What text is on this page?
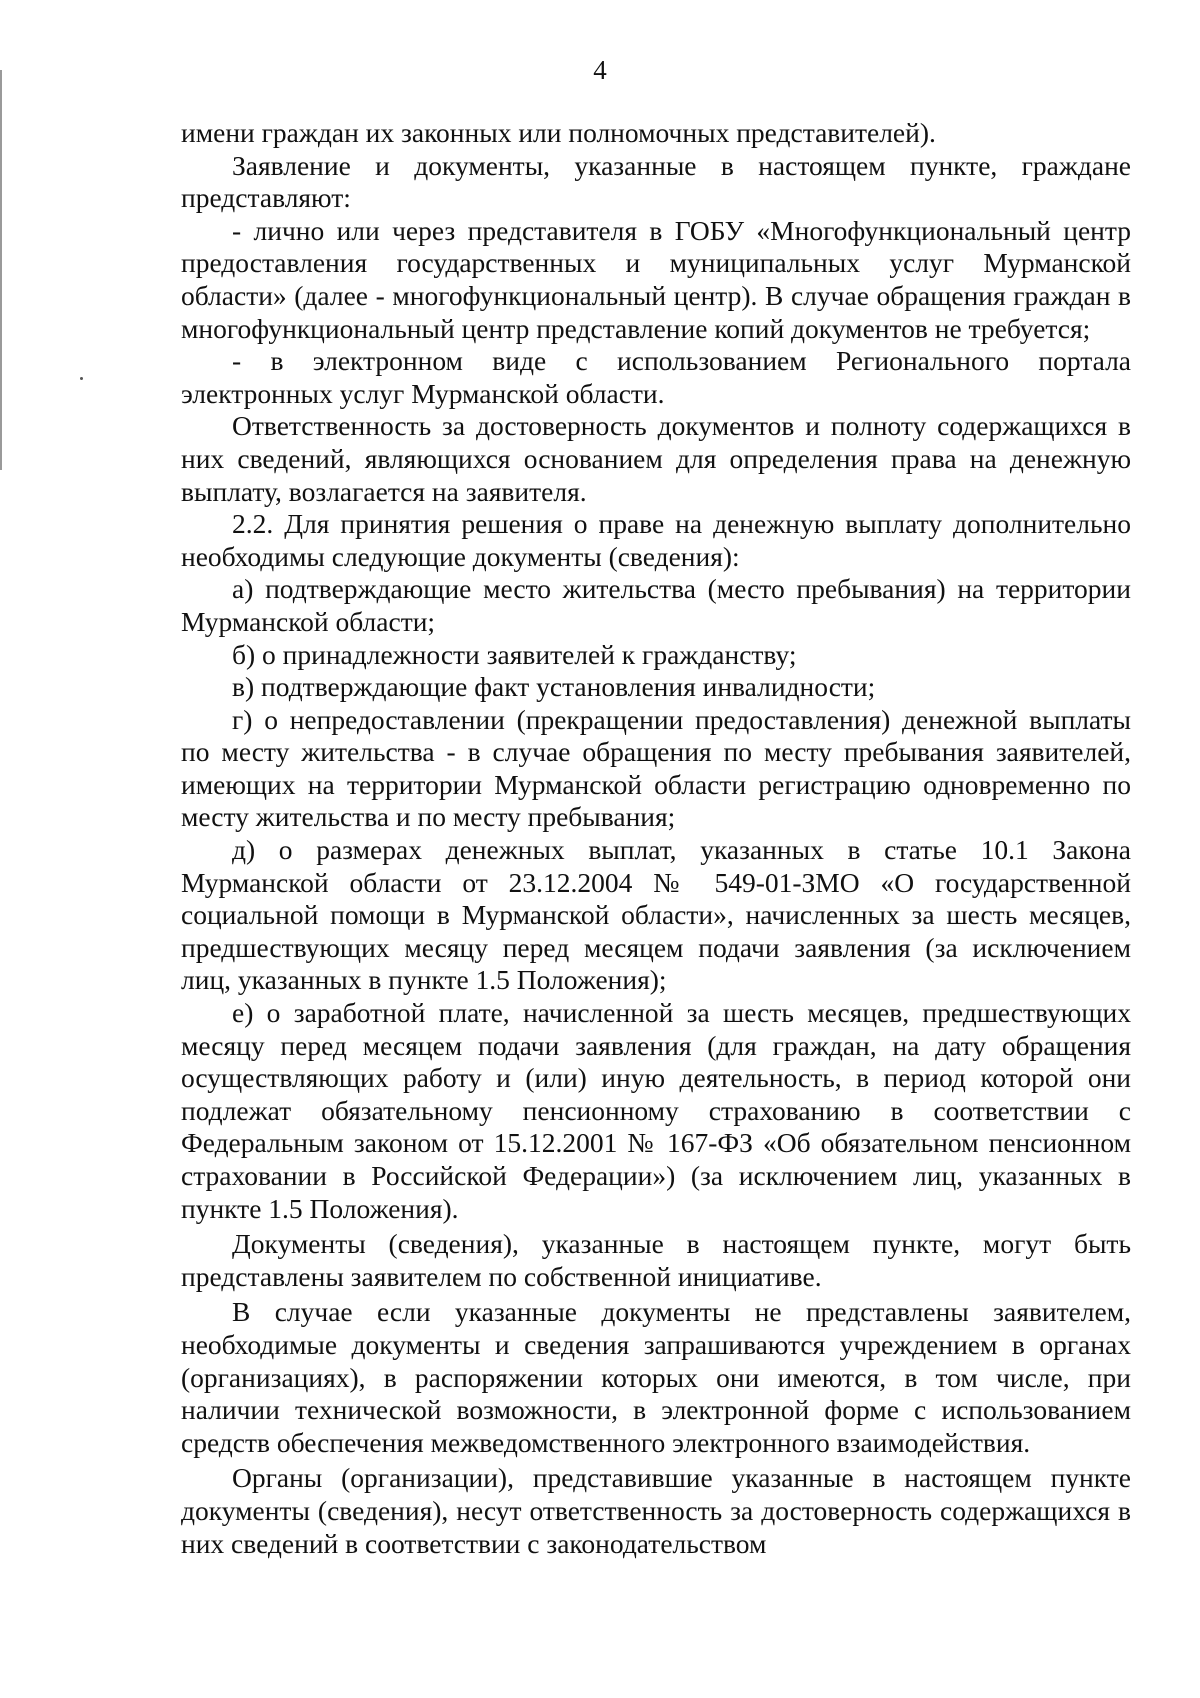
4

имени граждан их законных или полномочных представителей).

Заявление и документы, указанные в настоящем пункте, граждане представляют:

- лично или через представителя в ГОБУ «Многофункциональный центр предоставления государственных и муниципальных услуг Мурманской области» (далее - многофункциональный центр). В случае обращения граждан в многофункциональный центр представление копий документов не требуется;

- в электронном виде с использованием Регионального портала электронных услуг Мурманской области.

Ответственность за достоверность документов и полноту содержащихся в них сведений, являющихся основанием для определения права на денежную выплату, возлагается на заявителя.

2.2. Для принятия решения о праве на денежную выплату дополнительно необходимы следующие документы (сведения):

а) подтверждающие место жительства (место пребывания) на территории Мурманской области;

б) о принадлежности заявителей к гражданству;

в) подтверждающие факт установления инвалидности;

г) о непредоставлении (прекращении предоставления) денежной выплаты по месту жительства - в случае обращения по месту пребывания заявителей, имеющих на территории Мурманской области регистрацию одновременно по месту жительства и по месту пребывания;

д) о размерах денежных выплат, указанных в статье 10.1 Закона Мурманской области от 23.12.2004 № 549-01-ЗМО «О государственной социальной помощи в Мурманской области», начисленных за шесть месяцев, предшествующих месяцу перед месяцем подачи заявления (за исключением лиц, указанных в пункте 1.5 Положения);

е) о заработной плате, начисленной за шесть месяцев, предшествующих месяцу перед месяцем подачи заявления (для граждан, на дату обращения осуществляющих работу и (или) иную деятельность, в период которой они подлежат обязательному пенсионному страхованию в соответствии с Федеральным законом от 15.12.2001 № 167-ФЗ «Об обязательном пенсионном страховании в Российской Федерации») (за исключением лиц, указанных в пункте 1.5 Положения).

Документы (сведения), указанные в настоящем пункте, могут быть представлены заявителем по собственной инициативе.

В случае если указанные документы не представлены заявителем, необходимые документы и сведения запрашиваются учреждением в органах (организациях), в распоряжении которых они имеются, в том числе, при наличии технической возможности, в электронной форме с использованием средств обеспечения межведомственного электронного взаимодействия.

Органы (организации), представившие указанные в настоящем пункте документы (сведения), несут ответственность за достоверность содержащихся в них сведений в соответствии с законодательством
